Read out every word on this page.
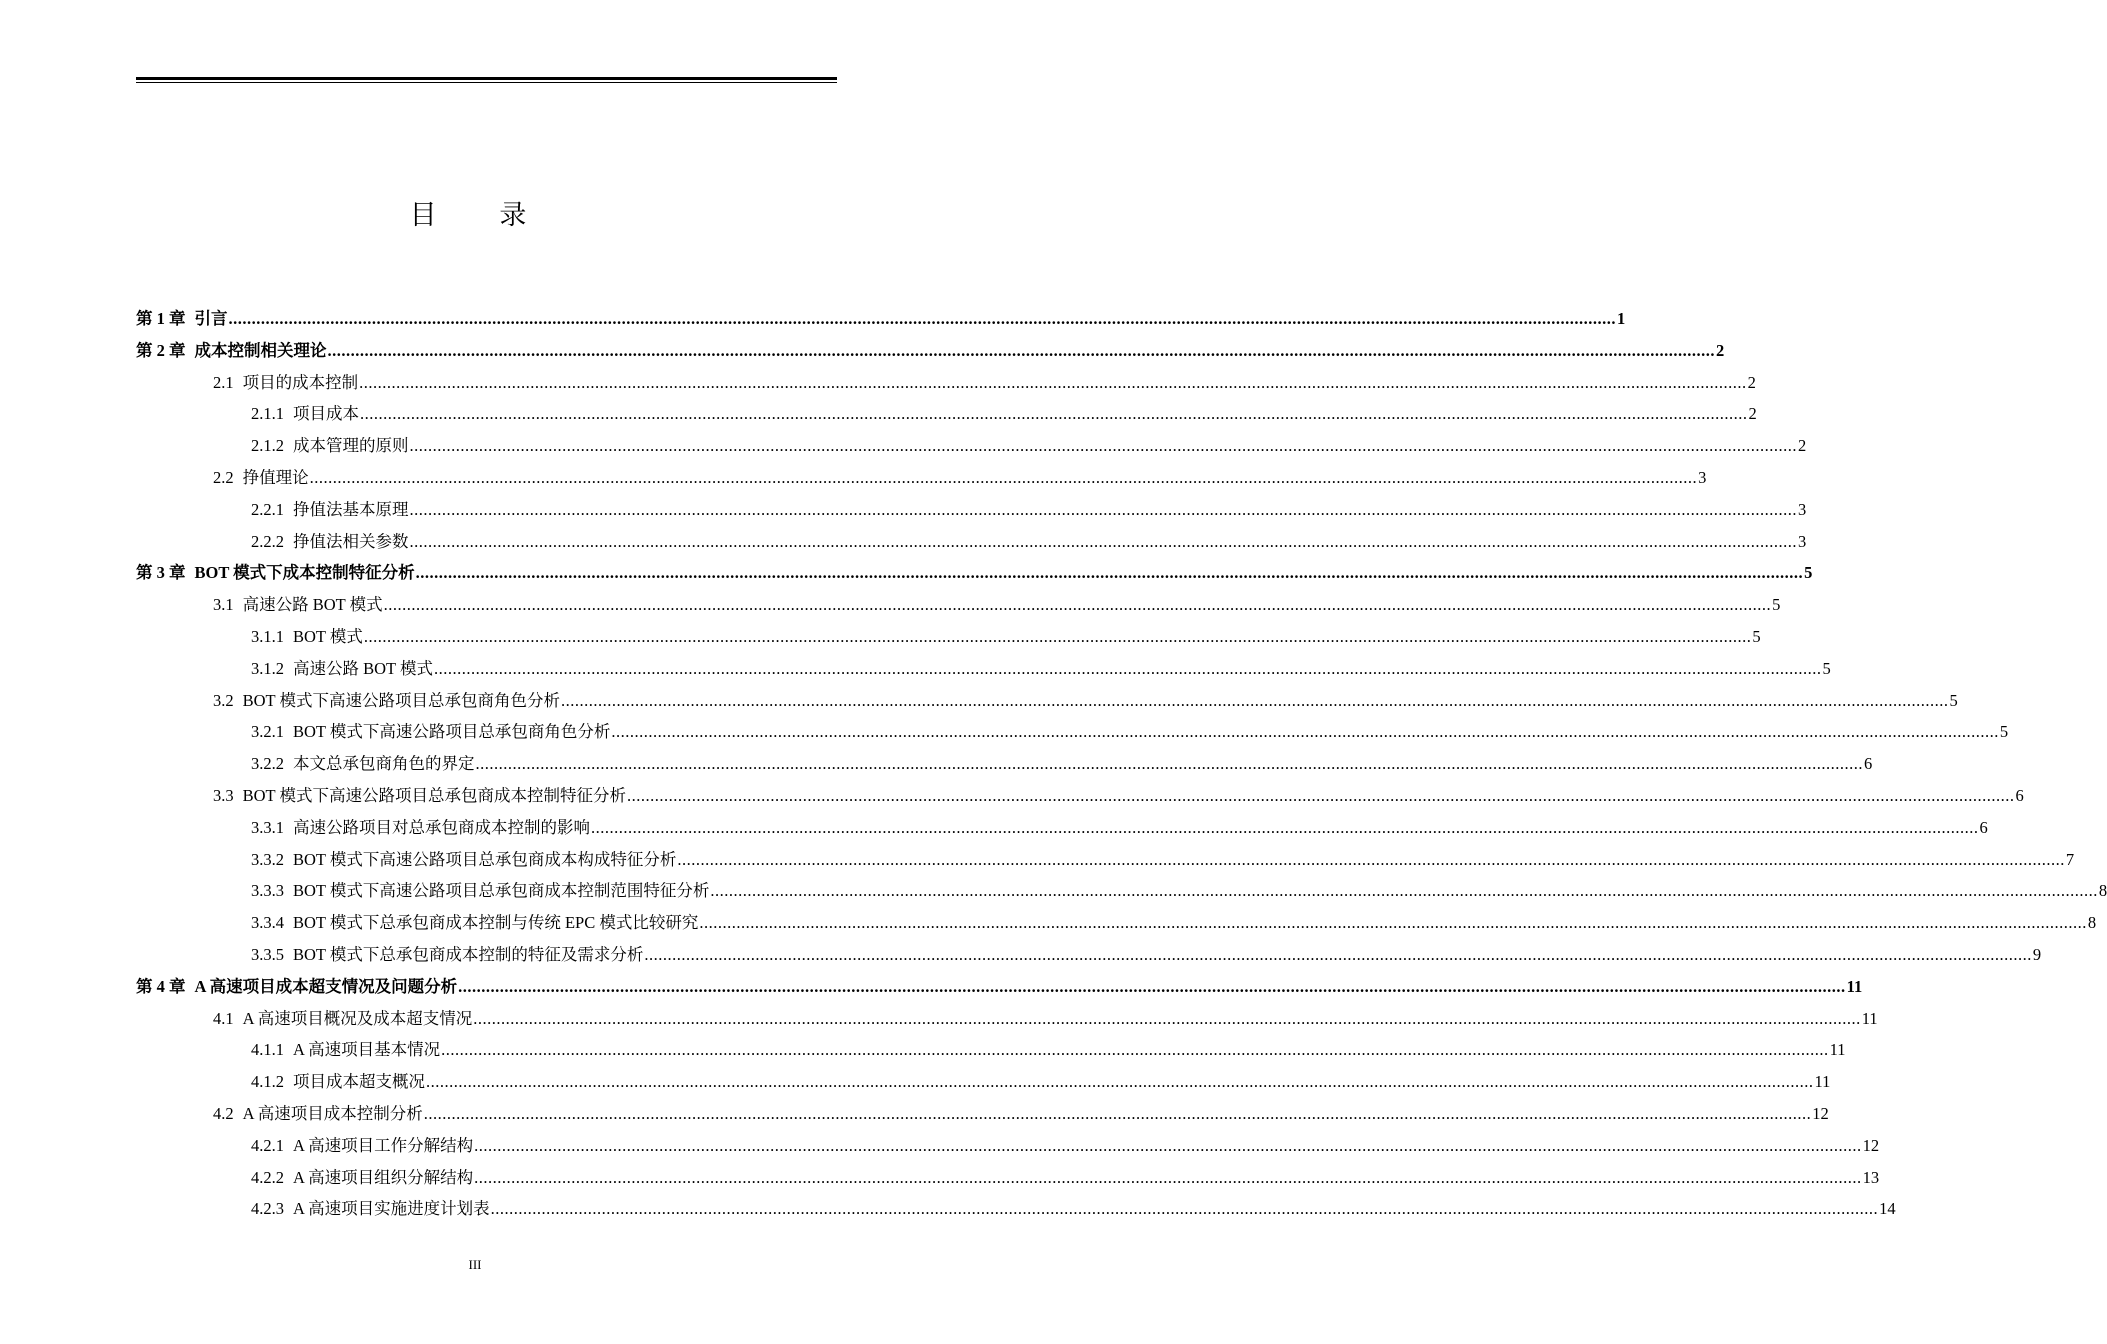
目 录
第 1 章 引言 ............................................................................................................................................................................................................................................................................................................ 1
第 2 章 成本控制相关理论 ............................................................................................................................................................................................................................................................................................................ 2
2.1 项目的成本控制 ............................................................................................................................................................................................................................................................................................................ 2
2.1.1 项目成本 ............................................................................................................................................................................................................................................................................................................ 2
2.1.2 成本管理的原则 ............................................................................................................................................................................................................................................................................................................ 2
2.2 挣值理论 ............................................................................................................................................................................................................................................................................................................ 3
2.2.1 挣值法基本原理 ............................................................................................................................................................................................................................................................................................................ 3
2.2.2 挣值法相关参数 ............................................................................................................................................................................................................................................................................................................ 3
第 3 章 BOT 模式下成本控制特征分析 ............................................................................................................................................................................................................................................................................................................ 5
3.1 高速公路 BOT 模式 ............................................................................................................................................................................................................................................................................................................ 5
3.1.1 BOT 模式 ............................................................................................................................................................................................................................................................................................................ 5
3.1.2 高速公路 BOT 模式 ............................................................................................................................................................................................................................................................................................................ 5
3.2 BOT 模式下高速公路项目总承包商角色分析 ............................................................................................................................................................................................................................................................................................................ 5
3.2.1 BOT 模式下高速公路项目总承包商角色分析 ............................................................................................................................................................................................................................................................................................................ 5
3.2.2 本文总承包商角色的界定 ............................................................................................................................................................................................................................................................................................................ 6
3.3 BOT 模式下高速公路项目总承包商成本控制特征分析 ............................................................................................................................................................................................................................................................................................................ 6
3.3.1 高速公路项目对总承包商成本控制的影响 ............................................................................................................................................................................................................................................................................................................ 6
3.3.2 BOT 模式下高速公路项目总承包商成本构成特征分析 ............................................................................................................................................................................................................................................................................................................ 7
3.3.3 BOT 模式下高速公路项目总承包商成本控制范围特征分析 ............................................................................................................................................................................................................................................................................................................ 8
3.3.4 BOT 模式下总承包商成本控制与传统 EPC 模式比较研究 ............................................................................................................................................................................................................................................................................................................ 8
3.3.5 BOT 模式下总承包商成本控制的特征及需求分析 ............................................................................................................................................................................................................................................................................................................ 9
第 4 章 A 高速项目成本超支情况及问题分析 ............................................................................................................................................................................................................................................................................................................ 11
4.1 A 高速项目概况及成本超支情况 ............................................................................................................................................................................................................................................................................................................ 11
4.1.1 A 高速项目基本情况 ............................................................................................................................................................................................................................................................................................................ 11
4.1.2 项目成本超支概况 ............................................................................................................................................................................................................................................................................................................ 11
4.2 A 高速项目成本控制分析 ............................................................................................................................................................................................................................................................................................................ 12
4.2.1 A 高速项目工作分解结构 ............................................................................................................................................................................................................................................................................................................ 12
4.2.2 A 高速项目组织分解结构 ............................................................................................................................................................................................................................................................................................................ 13
4.2.3 A 高速项目实施进度计划表 ............................................................................................................................................................................................................................................................................................................ 14
III
